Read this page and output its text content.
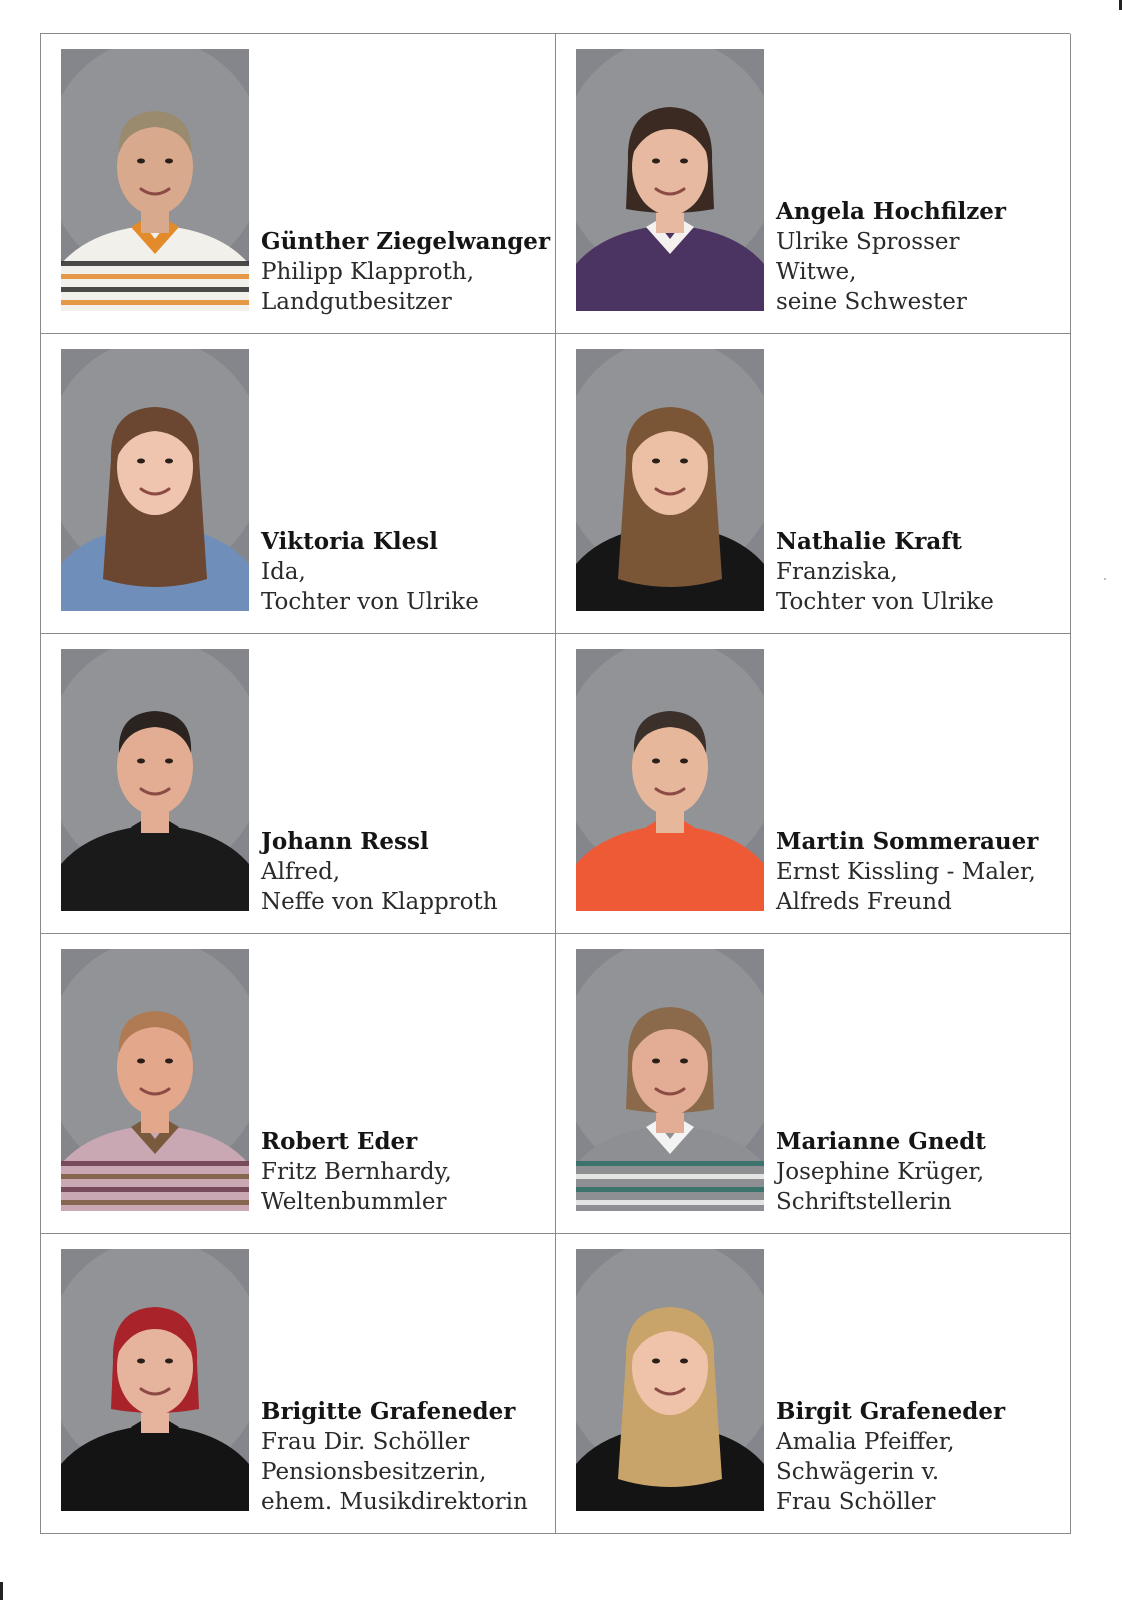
Günther Ziegelwanger
Philipp Klapproth,
Landgutbesitzer
Angela Hochfilzer
Ulrike Sprosser
Witwe,
seine Schwester
Viktoria Klesl
Ida,
Tochter von Ulrike
Nathalie Kraft
Franziska,
Tochter von Ulrike
Johann Ressl
Alfred,
Neffe von Klapproth
Martin Sommerauer
Ernst Kissling - Maler,
Alfreds Freund
Robert Eder
Fritz Bernhardy,
Weltenbummler
Marianne Gnedt
Josephine Krüger,
Schriftstellerin
Brigitte Grafeneder
Frau Dir. Schöller
Pensionsbesitzerin,
ehem. Musikdirektorin
Birgit Grafeneder
Amalia Pfeiffer,
Schwägerin v.
Frau Schöller
